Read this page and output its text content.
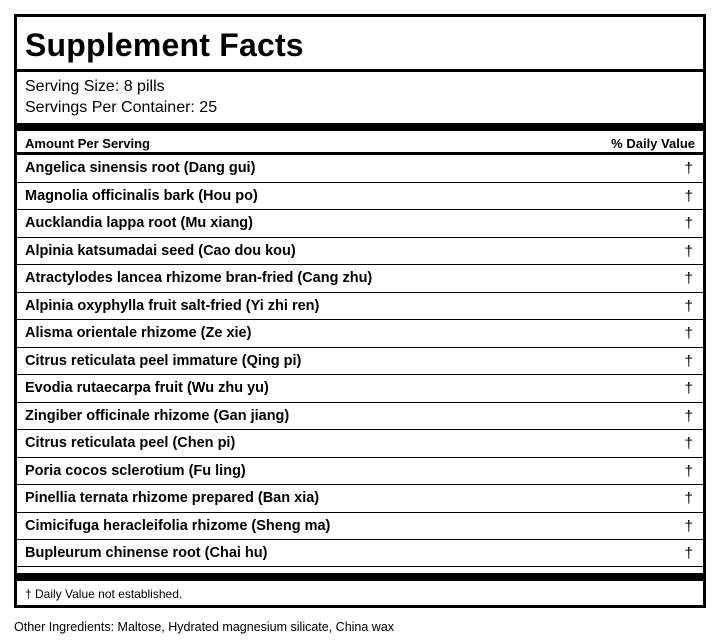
Supplement Facts
Serving Size: 8 pills
Servings Per Container: 25
Amount Per Serving	% Daily Value
Angelica sinensis root (Dang gui)	†
Magnolia officinalis bark (Hou po)	†
Aucklandia lappa root (Mu xiang)	†
Alpinia katsumadai seed (Cao dou kou)	†
Atractylodes lancea rhizome bran-fried (Cang zhu)	†
Alpinia oxyphylla fruit salt-fried (Yi zhi ren)	†
Alisma orientale rhizome (Ze xie)	†
Citrus reticulata peel immature (Qing pi)	†
Evodia rutaecarpa fruit (Wu zhu yu)	†
Zingiber officinale rhizome (Gan jiang)	†
Citrus reticulata peel (Chen pi)	†
Poria cocos sclerotium (Fu ling)	†
Pinellia ternata rhizome prepared (Ban xia)	†
Cimicifuga heracleifolia rhizome (Sheng ma)	†
Bupleurum chinense root (Chai hu)	†
† Daily Value not established.
Other Ingredients: Maltose, Hydrated magnesium silicate, China wax
